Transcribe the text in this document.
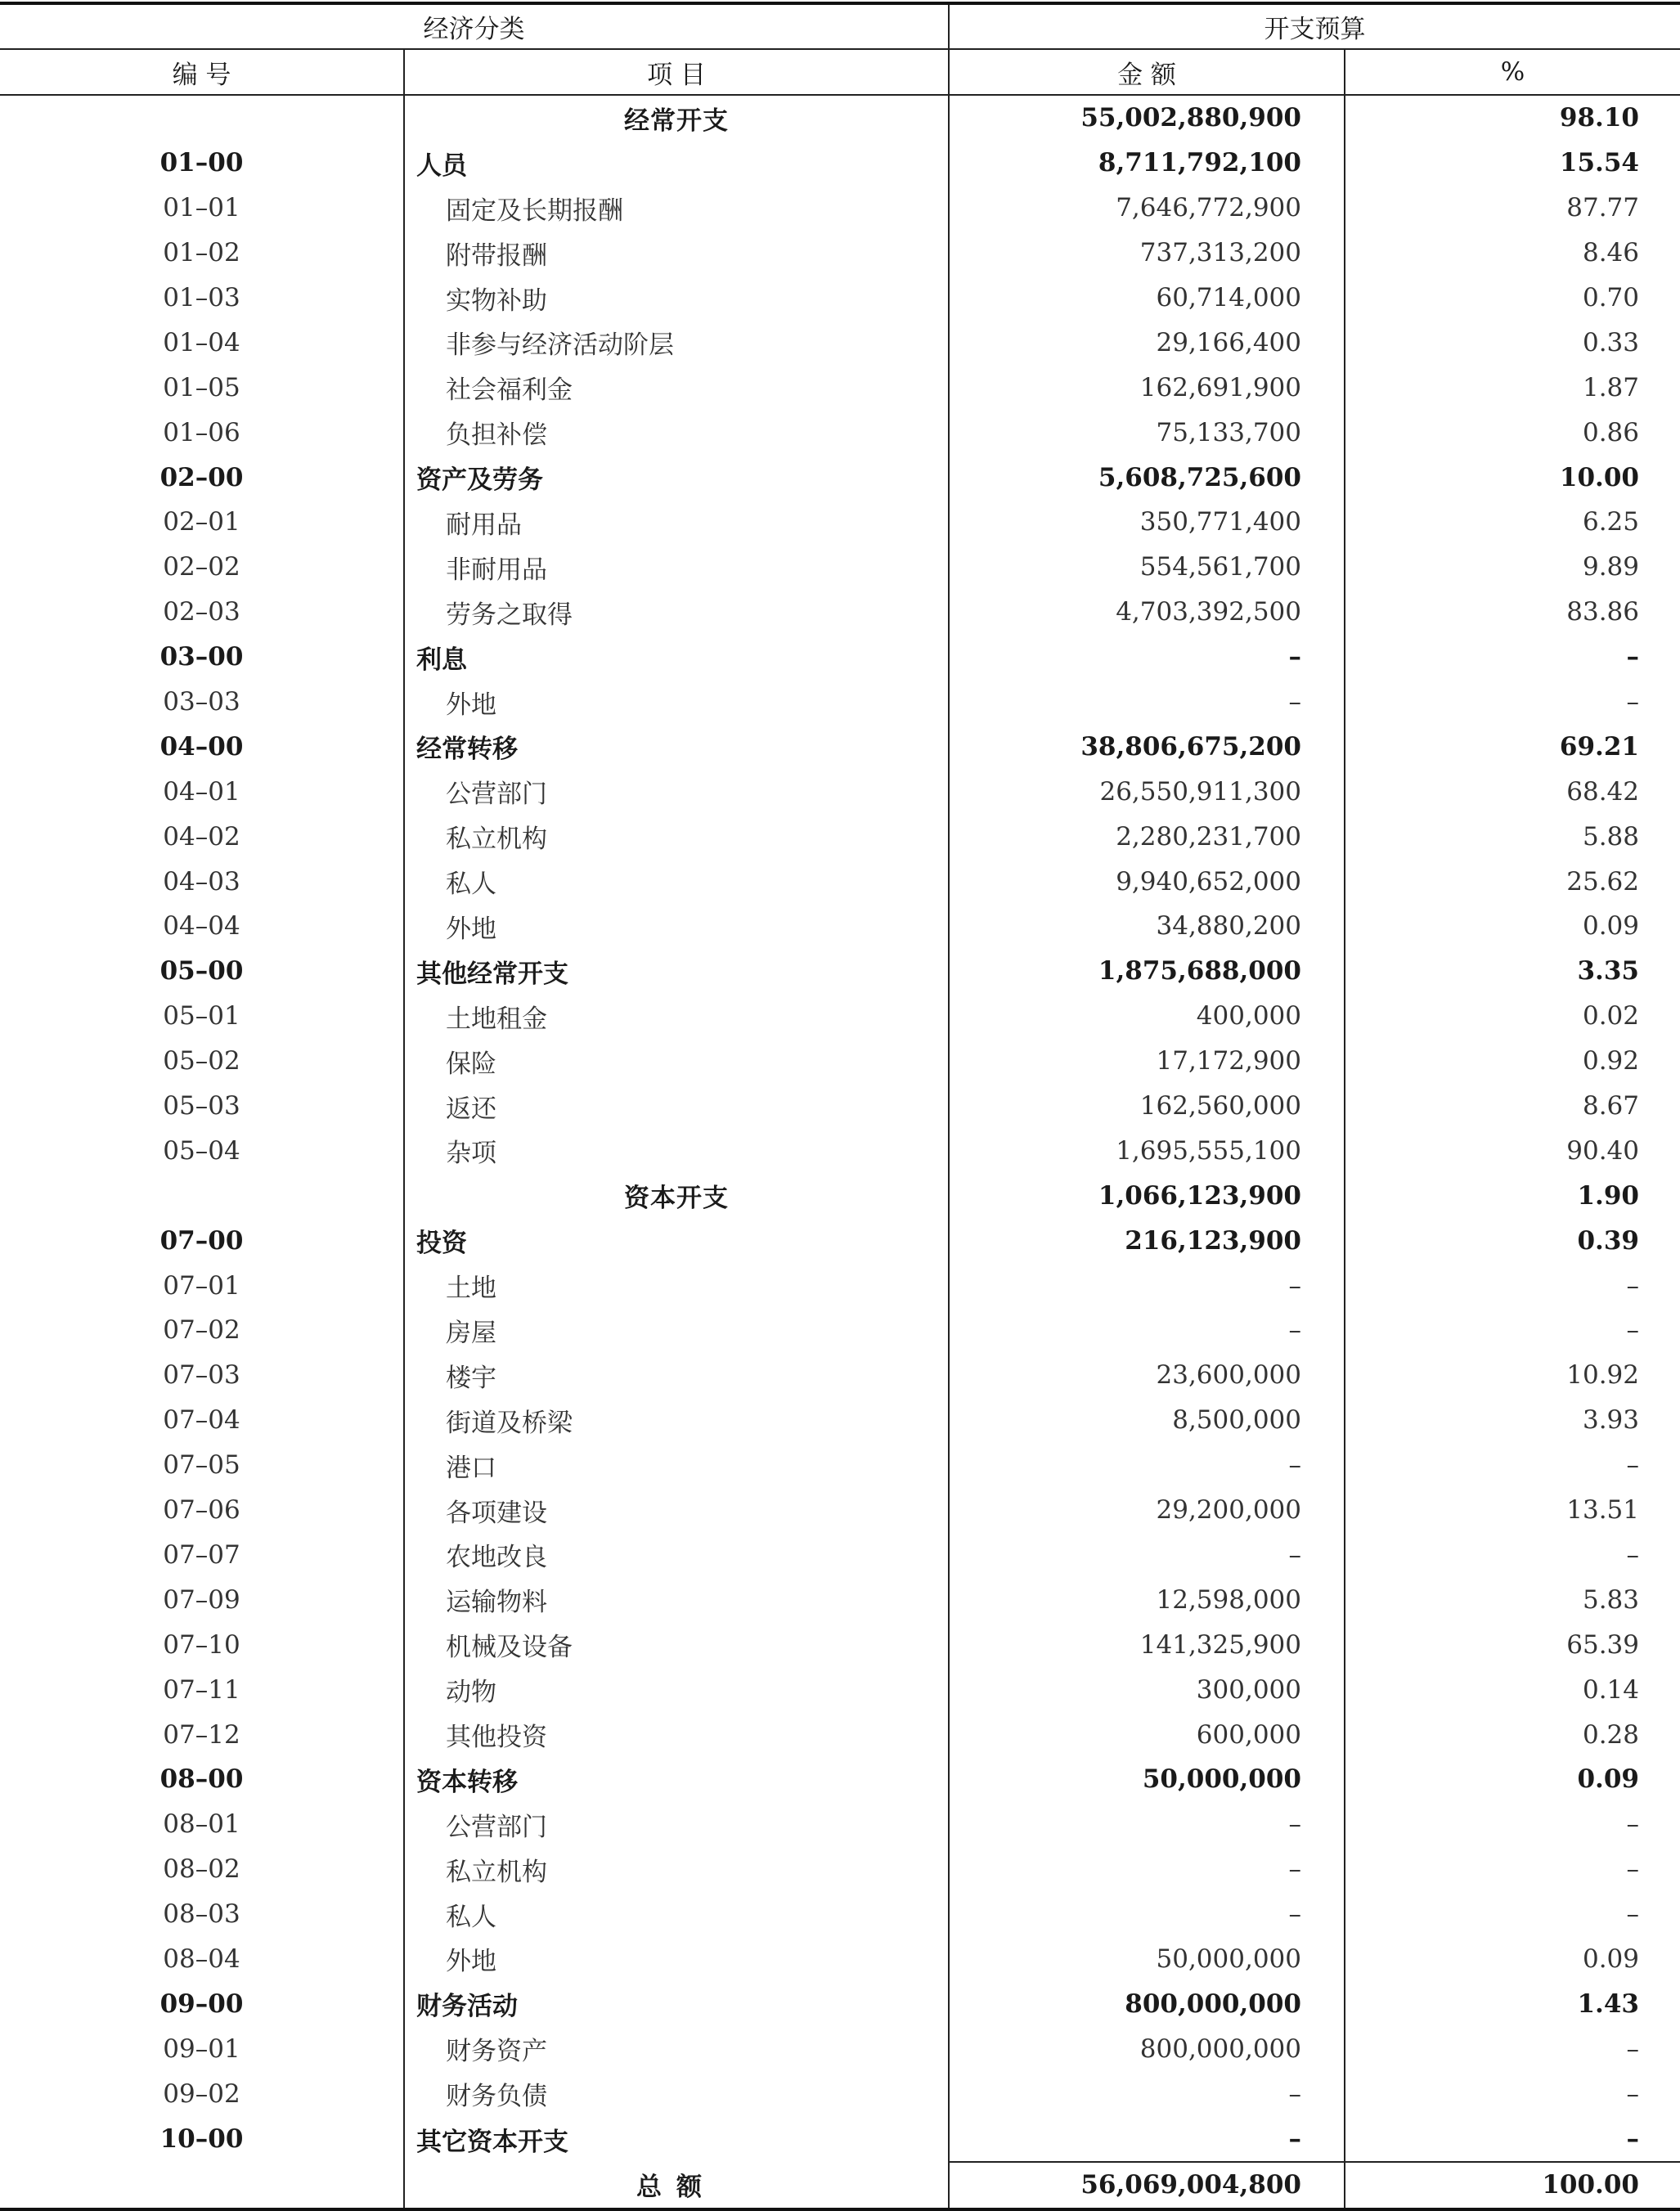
经济分类		开支预算	
编 号	项 目	金 额	%
	经常开支	55,002,880,900	98.10
01–00	人员	8,711,792,100	15.54
01–01	固定及长期报酬	7,646,772,900	87.77
01–02	附带报酬	737,313,200	8.46
01–03	实物补助	60,714,000	0.70
01–04	非参与经济活动阶层	29,166,400	0.33
01–05	社会福利金	162,691,900	1.87
01–06	负担补偿	75,133,700	0.86
02–00	资产及劳务	5,608,725,600	10.00
02–01	耐用品	350,771,400	6.25
02–02	非耐用品	554,561,700	9.89
02–03	劳务之取得	4,703,392,500	83.86
03–00	利息	–	–
03–03	外地	–	–
04–00	经常转移	38,806,675,200	69.21
04–01	公营部门	26,550,911,300	68.42
04–02	私立机构	2,280,231,700	5.88
04–03	私人	9,940,652,000	25.62
04–04	外地	34,880,200	0.09
05–00	其他经常开支	1,875,688,000	3.35
05–01	土地租金	400,000	0.02
05–02	保险	17,172,900	0.92
05–03	返还	162,560,000	8.67
05–04	杂项	1,695,555,100	90.40
	资本开支	1,066,123,900	1.90
07–00	投资	216,123,900	0.39
07–01	土地	–	–
07–02	房屋	–	–
07–03	楼宇	23,600,000	10.92
07–04	街道及桥梁	8,500,000	3.93
07–05	港口	–	–
07–06	各项建设	29,200,000	13.51
07–07	农地改良	–	–
07–09	运输物料	12,598,000	5.83
07–10	机械及设备	141,325,900	65.39
07–11	动物	300,000	0.14
07–12	其他投资	600,000	0.28
08–00	资本转移	50,000,000	0.09
08–01	公营部门	–	–
08–02	私立机构	–	–
08–03	私人	–	–
08–04	外地	50,000,000	0.09
09–00	财务活动	800,000,000	1.43
09–01	财务资产	800,000,000	–
09–02	财务负债	–	–
10–00	其它资本开支	–	–
	总额	56,069,004,800	100.00
